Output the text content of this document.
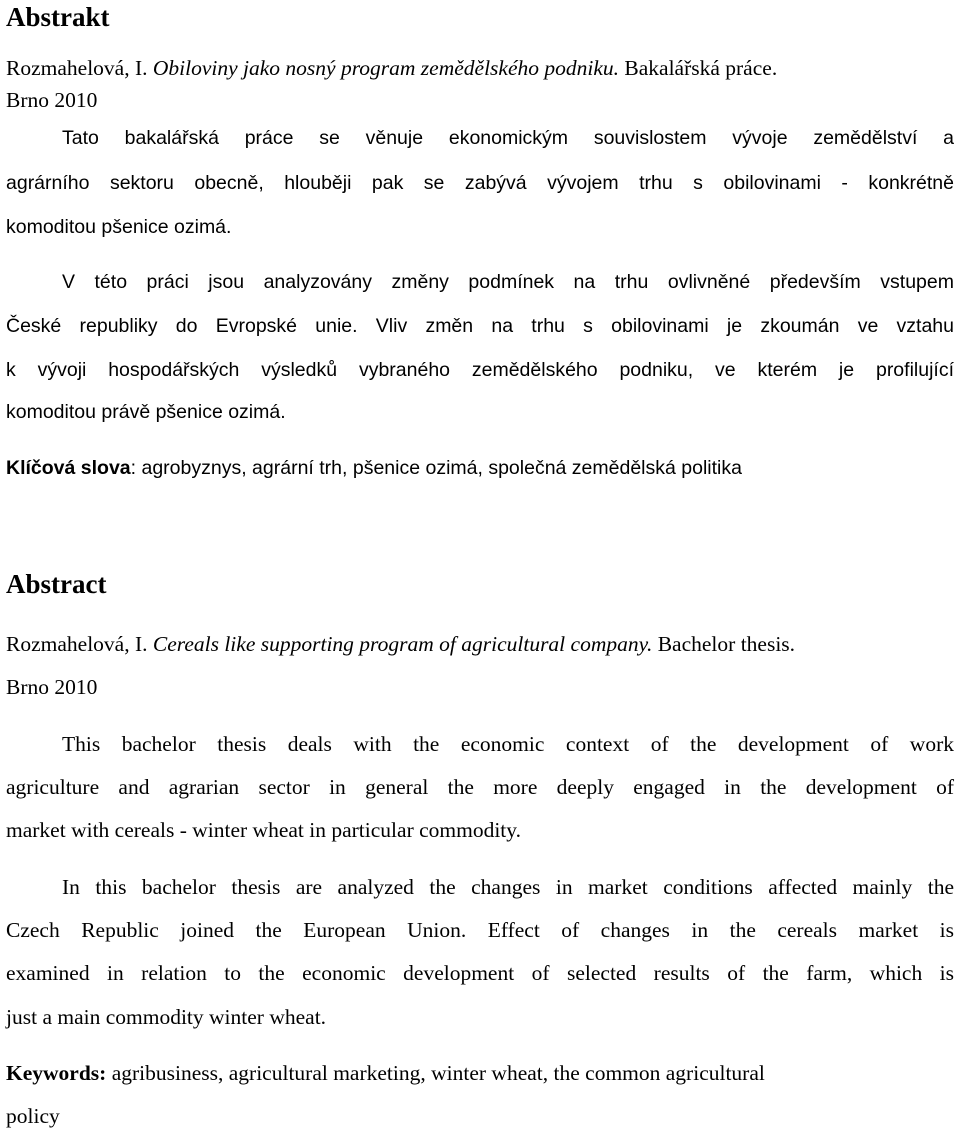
Abstrakt

Rozmahelová, I. Obiloviny jako nosný program zemědělského podniku. Bakalářská práce.

Brno 2010

Tato bakalářská práce se věnuje ekonomickým souvislostem vývoje zemědělství a

agrárního sektoru obecně, hlouběji pak se zabývá vývojem trhu s obilovinami - konkrétně

komoditou pšenice ozimá.

V této práci jsou analyzovány změny podmínek na trhu ovlivněné především vstupem

České republiky do Evropské unie. Vliv změn na trhu s obilovinami je zkoumán ve vztahu

k vývoji hospodářských výsledků vybraného zemědělského podniku, ve kterém je profilující

komoditou právě pšenice ozimá.

Klíčová slova: agrobyznys, agrární trh, pšenice ozimá, společná zemědělská politika

Abstract

Rozmahelová, I. Cereals like supporting program of agricultural company. Bachelor thesis.

Brno 2010

This bachelor thesis deals with the economic context of the development of work

agriculture and agrarian sector in general the more deeply engaged in the development of

market with cereals - winter wheat in particular commodity.

In this bachelor thesis are analyzed the changes in market conditions affected mainly the

Czech Republic joined the European Union. Effect of changes in the cereals market is

examined in relation to the economic development of selected results of the farm, which is

just a main commodity winter wheat.

Keywords: agribusiness, agricultural marketing, winter wheat, the common agricultural

policy
